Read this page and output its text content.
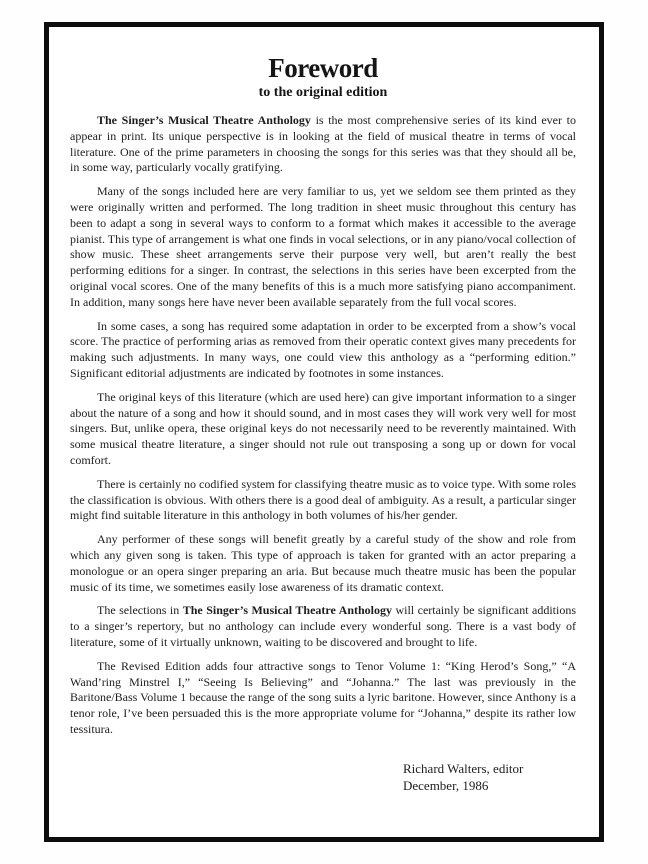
Foreword
to the original edition

The Singer’s Musical Theatre Anthology is the most comprehensive series of its kind ever to appear in print. Its unique perspective is in looking at the field of musical theatre in terms of vocal literature. One of the prime parameters in choosing the songs for this series was that they should all be, in some way, particularly vocally gratifying.

Many of the songs included here are very familiar to us, yet we seldom see them printed as they were originally written and performed. The long tradition in sheet music throughout this century has been to adapt a song in several ways to conform to a format which makes it accessible to the average pianist. This type of arrangement is what one finds in vocal selections, or in any piano/vocal collection of show music. These sheet arrangements serve their purpose very well, but aren’t really the best performing editions for a singer. In contrast, the selections in this series have been excerpted from the original vocal scores. One of the many benefits of this is a much more satisfying piano accompaniment. In addition, many songs here have never been available separately from the full vocal scores.

In some cases, a song has required some adaptation in order to be excerpted from a show’s vocal score. The practice of performing arias as removed from their operatic context gives many precedents for making such adjustments. In many ways, one could view this anthology as a “performing edition.” Significant editorial adjustments are indicated by footnotes in some instances.

The original keys of this literature (which are used here) can give important information to a singer about the nature of a song and how it should sound, and in most cases they will work very well for most singers. But, unlike opera, these original keys do not necessarily need to be reverently maintained. With some musical theatre literature, a singer should not rule out transposing a song up or down for vocal comfort.

There is certainly no codified system for classifying theatre music as to voice type. With some roles the classification is obvious. With others there is a good deal of ambiguity. As a result, a particular singer might find suitable literature in this anthology in both volumes of his/her gender.

Any performer of these songs will benefit greatly by a careful study of the show and role from which any given song is taken. This type of approach is taken for granted with an actor preparing a monologue or an opera singer preparing an aria. But because much theatre music has been the popular music of its time, we sometimes easily lose awareness of its dramatic context.

The selections in The Singer’s Musical Theatre Anthology will certainly be significant additions to a singer’s repertory, but no anthology can include every wonderful song. There is a vast body of literature, some of it virtually unknown, waiting to be discovered and brought to life.

The Revised Edition adds four attractive songs to Tenor Volume 1: “King Herod’s Song,” “A Wand’ring Minstrel I,” “Seeing Is Believing” and “Johanna.” The last was previously in the Baritone/Bass Volume 1 because the range of the song suits a lyric baritone. However, since Anthony is a tenor role, I’ve been persuaded this is the more appropriate volume for “Johanna,” despite its rather low tessitura.

Richard Walters, editor
December, 1986
